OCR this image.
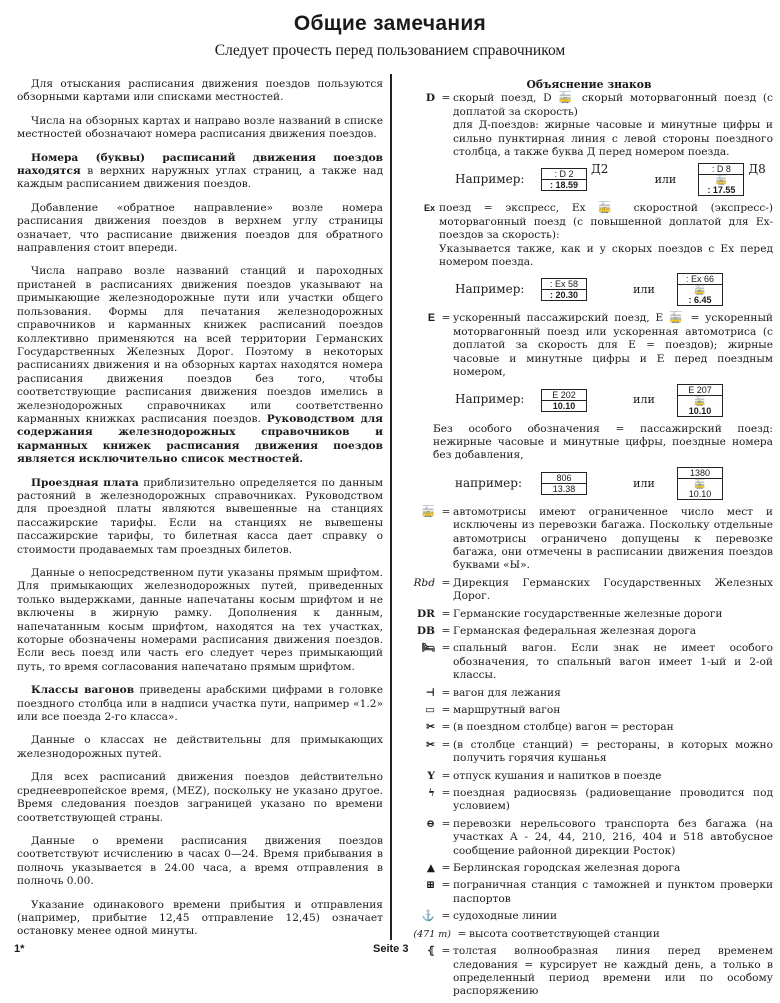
Общие замечания
Следует прочесть перед пользованием справочником

Для отыскания расписания движения поездов пользуются обзорными картами или списками местностей.

Числа на обзорных картах и направо возле названий в списке местностей обозначают номера расписания движения поездов.

Номера (буквы) расписаний движения поездов находятся в верхних наружных углах страниц, а также над каждым расписанием движения поездов.

Добавление «обратное направление» возле номера расписания движения поездов в верхнем углу страницы означает, что расписание движения поездов для обратного направления стоит впереди.

Числа направо возле названий станций и пароходных пристаней в расписаниях движения поездов указывают на примыкающие железнодорожные пути или участки общего пользования. Формы для печатания железнодорожных справочников и карманных книжек расписаний поездов коллективно применяются на всей территории Германских Государственных Железных Дорог. Поэтому в некоторых расписаниях движения и на обзорных картах находятся номера расписания движения поездов без того, чтобы соответствующие расписания движения поездов имелись в железнодорожных справочниках или соответственно карманных книжках расписания поездов. Руководством для содержания железнодорожных справочников и карманных книжек расписания движения поездов является исключительно список местностей.

Проездная плата приблизительно определяется по данным растояний в железнодорожных справочниках. Руководством для проездной платы являются вывешенные на станциях пассажирские тарифы. Если на станциях не вывешены пассажирские тарифы, то билетная касса дает справку о стоимости продаваемых там проездных билетов.

Данные о непосредственном пути указаны прямым шрифтом. Для примыкающих железнодорожных путей, приведенных только выдержками, данные напечатаны косым шрифтом и не включены в жирную рамку. Дополнения к данным, напечатанным косым шрифтом, находятся на тех участках, которые обозначены номерами расписания движения поездов. Если весь поезд или часть его следует через примыкающий путь, то время согласования напечатано прямым шрифтом.

Классы вагонов приведены арабскими цифрами в головке поездного столбца или в надписи участка пути, например «1.2» или все поезда 2-го класса».

Данные о классах не действительны для примыкающих железнодорожных путей.

Для всех расписаний движения поездов действительно среднеевропейское время, (MEZ), поскольку не указано другое. Время следования поездов заграницей указано по времени соответствующей страны.

Данные о времени расписания движения поездов соответствуют исчислению в часах 0—24. Время прибывания в полночь указывается в 24.00 часа, а время отправления в полночь 0.00.

Указание одинакового времени прибытия и отправления (например, прибытие 12,45 отправление 12,45) означает остановку менее одной минуты.

Объяснение знаков
D = скорый поезд, D 🚋 скорый моторвагонный поезд (с доплатой за скорость)
для Д-поездов: жирные часовые и минутные цифры и сильно пунктирная линия с левой стороны поездного столбца, а также буква Д перед номером поезда.
Например:	: D 2
: 18.59
Д2
или
: D 8
🚋
: 17.55
Д8
Ex поезд = экспресс, Ex 🚋 скоростной (экспресс-) моторвагонный поезд (с повышенной доплатой для Ex-поездов за скорость):
Указывается также, как и у скорых поездов с Ex перед номером поезда.
Например:	: Ex 58
: 20.30	или
: Ex 66
🚋
: 6.45
E = ускоренный пассажирский поезд, E 🚋 = ускоренный моторвагонный поезд или ускоренная автомотриса (с доплатой за скорость для E = поездов); жирные часовые и минутные цифры и E перед поездным номером,
Например:	E 202
10.10	или
E 207
🚋
10.10
Без особого обозначения = пассажирский поезд: нежирные часовые и минутные цифры, поездные номера без добавления,
например:	806
13.38	или
1380
🚋
10.10
🚋 = автомотрисы имеют ограниченное число мест и исключены из перевозки багажа. Поскольку отдельные автомотрисы ограничено допущены к перевозке багажа, они отмечены в расписании движения поездов буквами «Ы».
Rbd = Дирекция Германских Государственных Железных Дорог.
DR = Германские государственные железные дороги
DB = Германская федеральная железная дорога
🛏 = спальный вагон. Если знак не имеет особого обозначения, то спальный вагон имеет 1-ый и 2-ой классы.
⊣ = вагон для лежания
▭ = маршрутный вагон
✂ = (в поездном столбце) вагон = ресторан
✂ = (в столбце станций) = рестораны, в которых можно получить горячия кушанья
Y = отпуск кушания и напитков в поезде
ϟ = поездная радиосвязь (радиовещание проводится под условием)
⊖ = перевозки нерельсового транспорта без багажа (на участках A - 24, 44, 210, 216, 404 и 518 автобусное сообщение районной дирекции Росток)
▲ = Берлинская городская железная дорога
⊞ = пограничная станция с таможней и пунктом проверки паспортов
⚓ = судоходные линии
(471 m) = высота соответствующей станции
⦃ = толстая волнообразная линия перед временем следования = курсирует не каждый день, а только в определенный период времени или по особому распоряжению
1*	Seite 3
